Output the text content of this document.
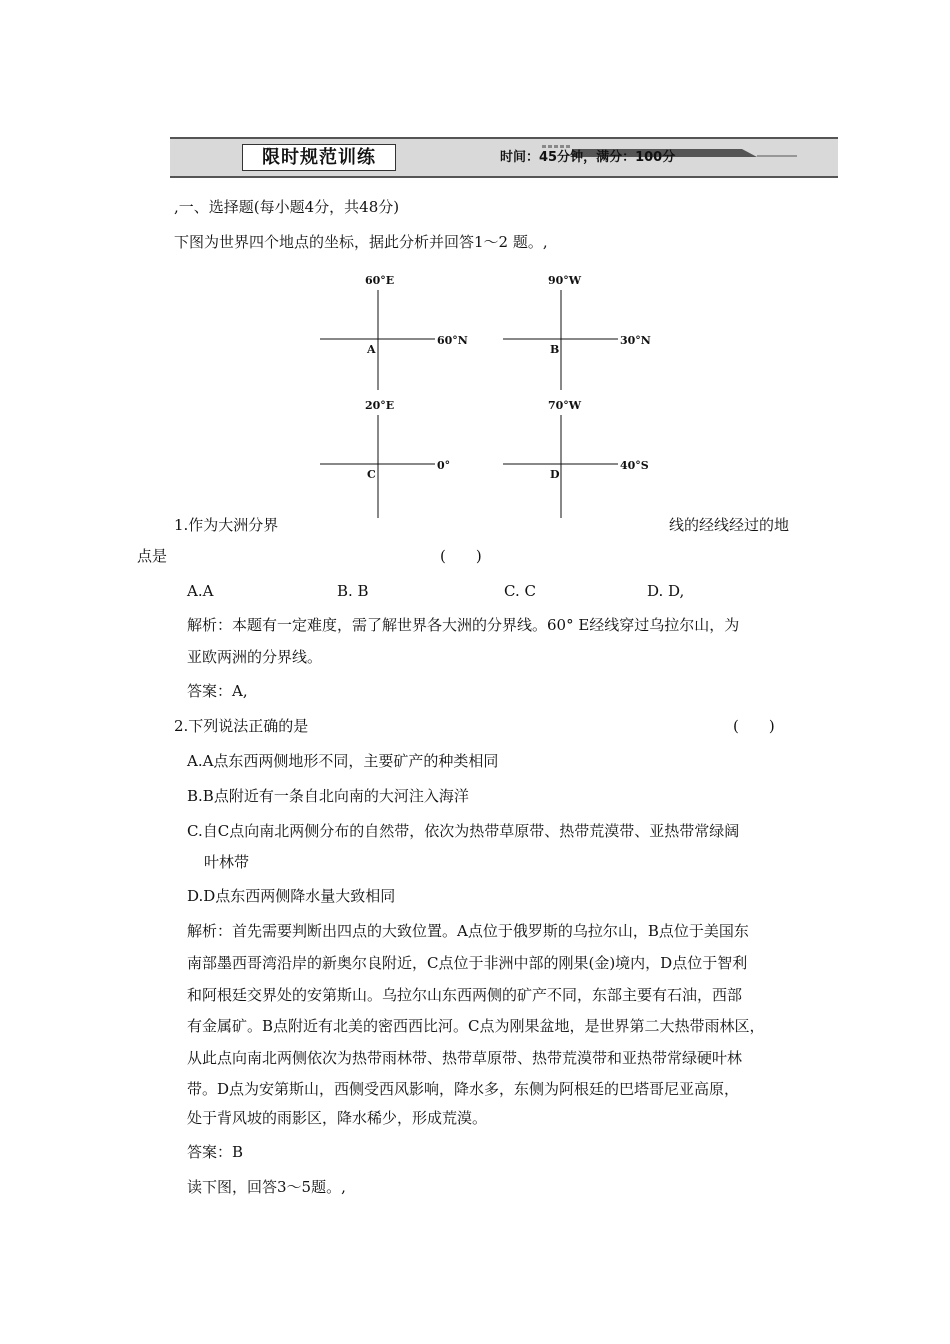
限时规范训练	时间：45分钟，满分：100分
,一、选择题(每小题4分，共48分)
下图为世界四个地点的坐标，据此分析并回答1～2 题。,
60°E
A
60°N
90°W
B
30°N
20°E
C
0°
70°W
D
40°S
1.作为大洲分界	线的经线经过的地
点是	(　　)
A.A	B. B	C. C	D. D,
解析：本题有一定难度，需了解世界各大洲的分界线。60° E经线穿过乌拉尔山，为
亚欧两洲的分界线。
答案：A,
2.下列说法正确的是	(　　)
A.A点东西两侧地形不同，主要矿产的种类相同
B.B点附近有一条自北向南的大河注入海洋
C.自C点向南北两侧分布的自然带，依次为热带草原带、热带荒漠带、亚热带常绿阔
叶林带
D.D点东西两侧降水量大致相同
解析：首先需要判断出四点的大致位置。A点位于俄罗斯的乌拉尔山，B点位于美国东
南部墨西哥湾沿岸的新奥尔良附近，C点位于非洲中部的刚果(金)境内，D点位于智利
和阿根廷交界处的安第斯山。乌拉尔山东西两侧的矿产不同，东部主要有石油，西部
有金属矿。B点附近有北美的密西西比河。C点为刚果盆地，是世界第二大热带雨林区，
从此点向南北两侧依次为热带雨林带、热带草原带、热带荒漠带和亚热带常绿硬叶林
带。D点为安第斯山，西侧受西风影响，降水多，东侧为阿根廷的巴塔哥尼亚高原，
处于背风坡的雨影区，降水稀少，形成荒漠。
答案：B
读下图，回答3～5题。,
